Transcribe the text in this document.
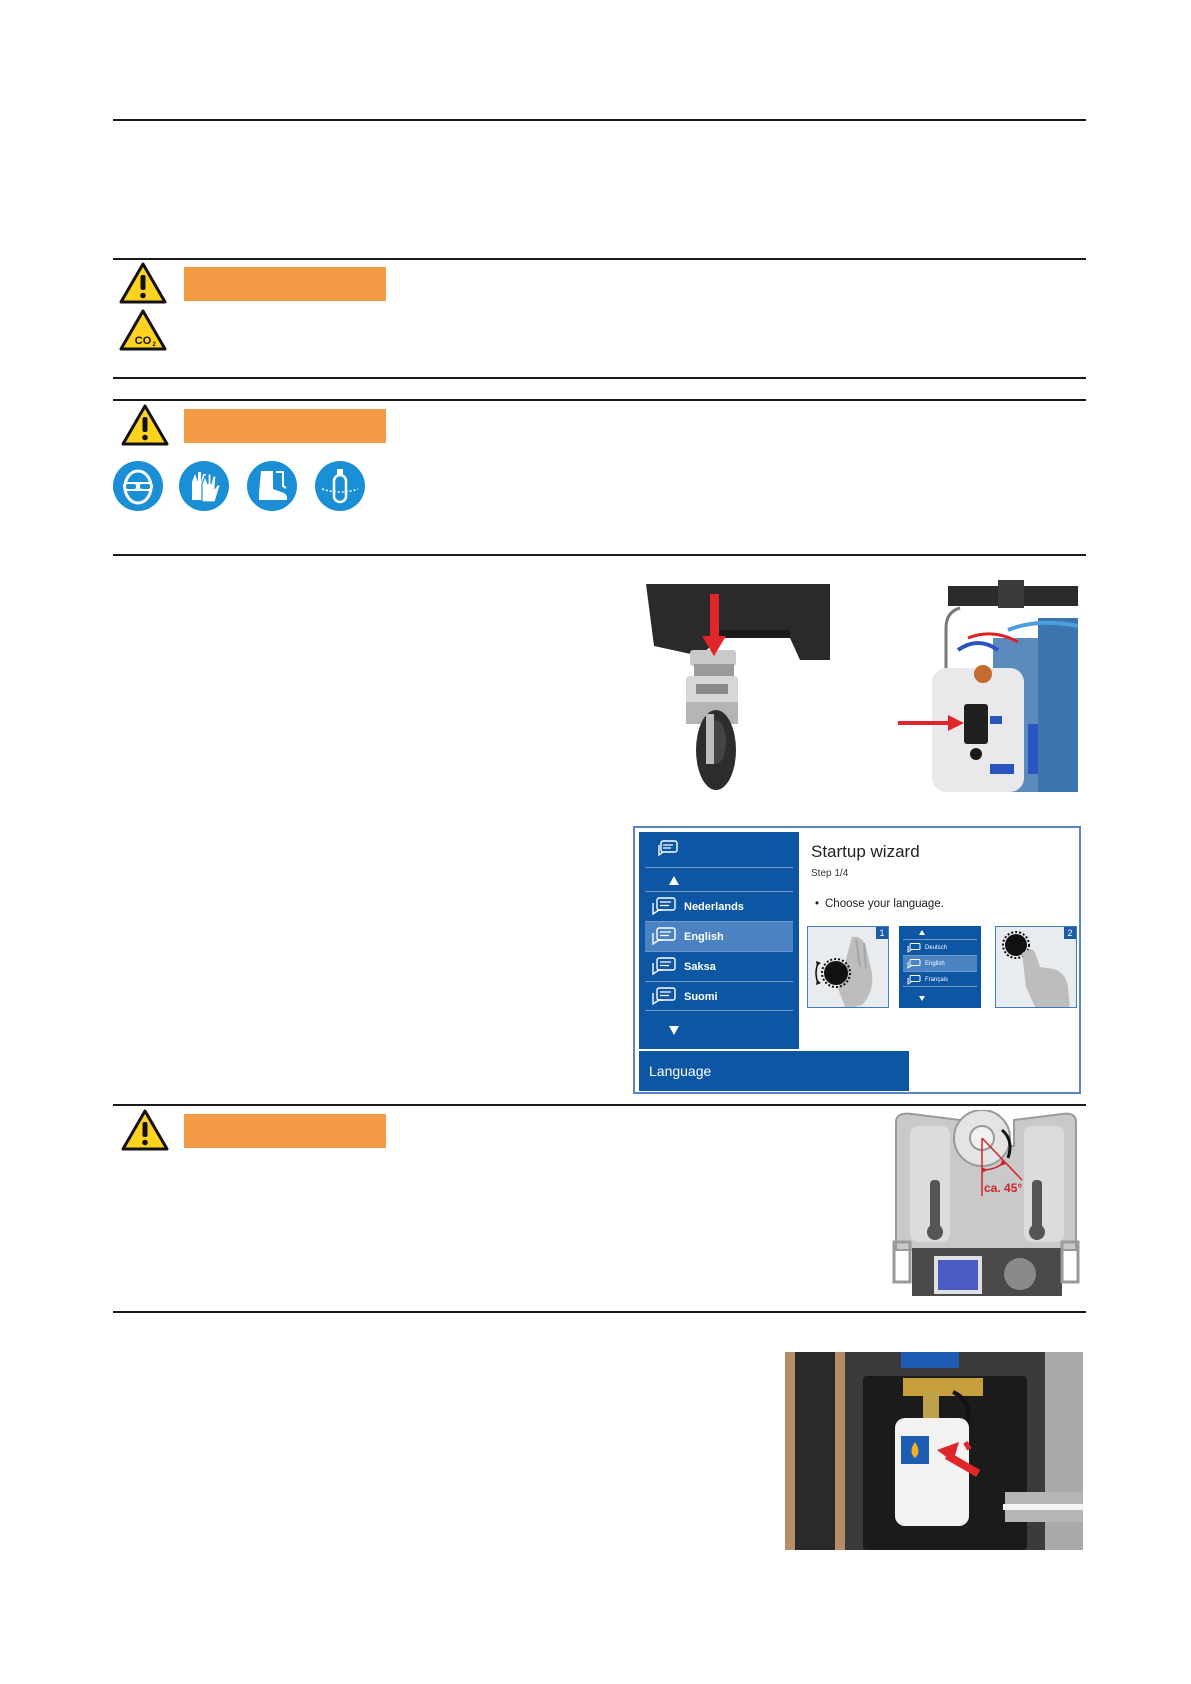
CO 2
Nederlands
English
Saksa
Suomi
Language
Startup wizard
Step 1/4
• Choose your language.
1
Deutsch
English
Français
2
ca. 45°
